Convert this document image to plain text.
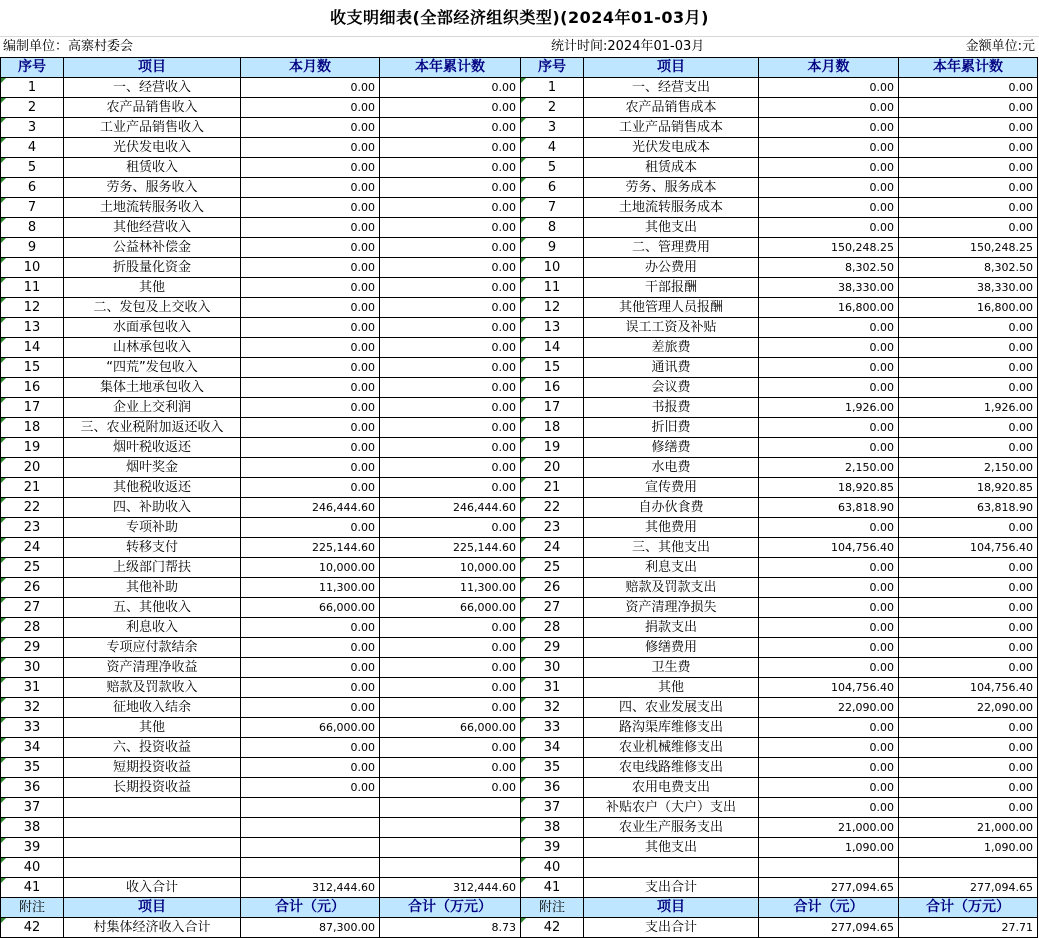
收支明细表(全部经济组织类型)(2024年01-03月)
编制单位：高寨村委会	统计时间:2024年01-03月	金额单位:元
序号	项目	本月数	本年累计数	序号	项目	本月数	本年累计数
1	一、经营收入	0.00	0.00	1	一、经营支出	0.00	0.00
2	农产品销售收入	0.00	0.00	2	农产品销售成本	0.00	0.00
3	工业产品销售收入	0.00	0.00	3	工业产品销售成本	0.00	0.00
4	光伏发电收入	0.00	0.00	4	光伏发电成本	0.00	0.00
5	租赁收入	0.00	0.00	5	租赁成本	0.00	0.00
6	劳务、服务收入	0.00	0.00	6	劳务、服务成本	0.00	0.00
7	土地流转服务收入	0.00	0.00	7	土地流转服务成本	0.00	0.00
8	其他经营收入	0.00	0.00	8	其他支出	0.00	0.00
9	公益林补偿金	0.00	0.00	9	二、管理费用	150,248.25	150,248.25
10	折股量化资金	0.00	0.00	10	办公费用	8,302.50	8,302.50
11	其他	0.00	0.00	11	干部报酬	38,330.00	38,330.00
12	二、发包及上交收入	0.00	0.00	12	其他管理人员报酬	16,800.00	16,800.00
13	水面承包收入	0.00	0.00	13	误工工资及补贴	0.00	0.00
14	山林承包收入	0.00	0.00	14	差旅费	0.00	0.00
15	“四荒”发包收入	0.00	0.00	15	通讯费	0.00	0.00
16	集体土地承包收入	0.00	0.00	16	会议费	0.00	0.00
17	企业上交利润	0.00	0.00	17	书报费	1,926.00	1,926.00
18	三、农业税附加返还收入	0.00	0.00	18	折旧费	0.00	0.00
19	烟叶税收返还	0.00	0.00	19	修缮费	0.00	0.00
20	烟叶奖金	0.00	0.00	20	水电费	2,150.00	2,150.00
21	其他税收返还	0.00	0.00	21	宣传费用	18,920.85	18,920.85
22	四、补助收入	246,444.60	246,444.60	22	自办伙食费	63,818.90	63,818.90
23	专项补助	0.00	0.00	23	其他费用	0.00	0.00
24	转移支付	225,144.60	225,144.60	24	三、其他支出	104,756.40	104,756.40
25	上级部门帮扶	10,000.00	10,000.00	25	利息支出	0.00	0.00
26	其他补助	11,300.00	11,300.00	26	赔款及罚款支出	0.00	0.00
27	五、其他收入	66,000.00	66,000.00	27	资产清理净损失	0.00	0.00
28	利息收入	0.00	0.00	28	捐款支出	0.00	0.00
29	专项应付款结余	0.00	0.00	29	修缮费用	0.00	0.00
30	资产清理净收益	0.00	0.00	30	卫生费	0.00	0.00
31	赔款及罚款收入	0.00	0.00	31	其他	104,756.40	104,756.40
32	征地收入结余	0.00	0.00	32	四、农业发展支出	22,090.00	22,090.00
33	其他	66,000.00	66,000.00	33	路沟渠库维修支出	0.00	0.00
34	六、投资收益	0.00	0.00	34	农业机械维修支出	0.00	0.00
35	短期投资收益	0.00	0.00	35	农电线路维修支出	0.00	0.00
36	长期投资收益	0.00	0.00	36	农用电费支出	0.00	0.00
37				37	补贴农户（大户）支出	0.00	0.00
38				38	农业生产服务支出	21,000.00	21,000.00
39				39	其他支出	1,090.00	1,090.00
40				40			
41	收入合计	312,444.60	312,444.60	41	支出合计	277,094.65	277,094.65
附注	项目	合计（元）	合计（万元）	附注	项目	合计（元）	合计（万元）
42	村集体经济收入合计	87,300.00	8.73	42	支出合计	277,094.65	27.71
